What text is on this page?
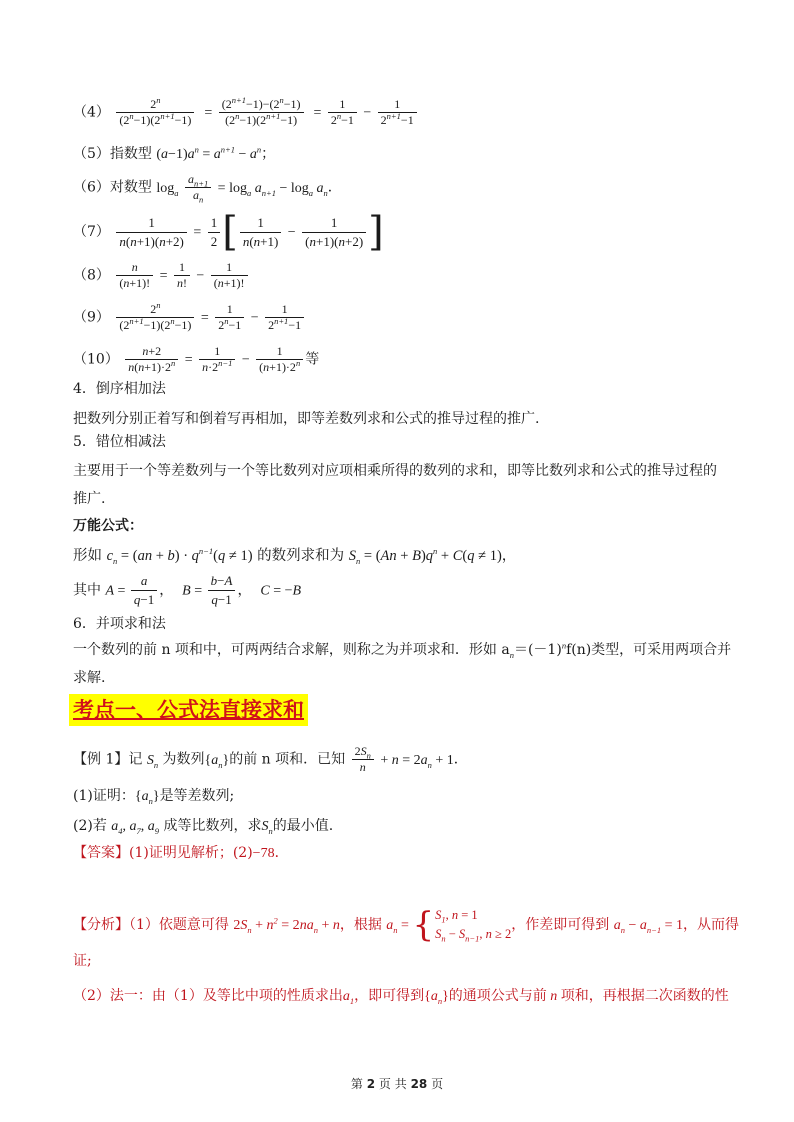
$(4) \frac{2^n}{(2^n-1)(2^{n+1}-1)} = \frac{(2^{n+1}-1)-(2^n-1)}{(2^n-1)(2^{n+1}-1)} = \frac{1}{2^n-1} - \frac{1}{2^{n+1}-1}$
（5）指数型 $(a-1)a^n = a^{n+1} - a^n$；
（6）对数型 $\log_a \frac{a_{n+1}}{a_n} = \log_a a_{n+1} - \log_a a_n$．
$(7) \frac{1}{n(n+1)(n+2)} = \frac{1}{2}$ [ $\frac{1}{n(n+1)} - \frac{1}{(n+1)(n+2)}$ ]
$(8) \frac{n}{(n+1)!} = \frac{1}{n!} - \frac{1}{(n+1)!}$
$(9) \frac{2^n}{(2^{n+1}-1)(2^n-1)} = \frac{1}{2^n-1} - \frac{1}{2^{n+1}-1}$
$(10) \frac{n+2}{n(n+1)\cdot 2^n} = \frac{1}{n\cdot 2^{n-1}} - \frac{1}{(n+1)\cdot 2^n}$ 等
4．倒序相加法
把数列分别正着写和倒着写再相加，即等差数列求和公式的推导过程的推广.
5．错位相减法
主要用于一个等差数列与一个等比数列对应项相乘所得的数列的求和，即等比数列求和公式的推导过程的
推广.
万能公式：
形如 $c_n = (an + b) \cdot q^{n-1}(q \ne 1)$ 的数列求和为 $S_n = (An + B)q^n + C(q \ne 1)$，
其中 $A = \frac{a}{q-1}$ ，  $B = \frac{b-A}{q-1}$ ，  C = −B
6．并项求和法
一个数列的前 n 项和中，可两两结合求解，则称之为并项求和．形如 $a_n=(-1)^nf(n)$类型，可采用两项合并
求解.
考点一、公式法直接求和
【例 1】记 $S_n$ 为数列$\{a_n\}$的前 n 项和．已知 $\frac{2S_n}{n} + n = 2a_n + 1$．
(1)证明：$\{a_n\}$是等差数列;
(2)若 $a_4$, $a_7$, $a_9$ 成等比数列，求$S_n$的最小值.
【答案】(1)证明见解析；(2)−78．
【分析】（1）依题意可得 $2S_n + n^2 = 2na_n + n$，根据 $a_n$ = { $S_1$, n = 1
$S_n - S_{n-1}$, n ≥ 2
，作差即可得到 $a_n - a_{n-1} = 1$，从而得
证;
（2）法一：由（1）及等比中项的性质求出$a_1$，即可得到$\{a_n\}$的通项公式与前 n 项和，再根据二次函数的性
第 2 页 共 28 页
